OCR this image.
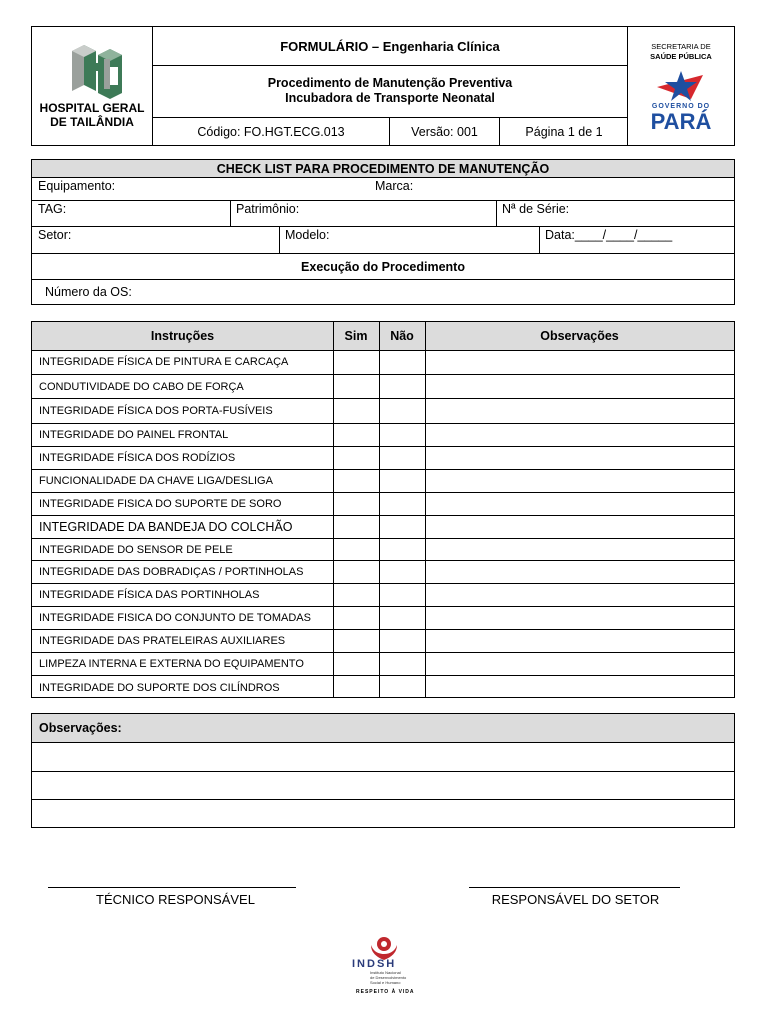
HOSPITAL GERAL
DE TAILÂNDIA
FORMULÁRIO – Engenharia Clínica
Procedimento de Manutenção Preventiva
Incubadora de Transporte Neonatal
Código: FO.HGT.ECG.013	Versão: 001	Página 1 de 1
SECRETARIA DE
SAÚDE PÚBLICA
GOVERNO DO
PARÁ
CHECK LIST PARA PROCEDIMENTO DE MANUTENÇÃO
Equipamento:	Marca:
TAG:	Patrimônio:	Nª de Série:
Setor:	Modelo:	Data:____/____/_____
Execução do Procedimento
Número da OS:
Instruções	Sim	Não	Observações
INTEGRIDADE FÍSICA DE PINTURA E CARCAÇA
CONDUTIVIDADE DO CABO DE FORÇA
INTEGRIDADE FÍSICA DOS PORTA-FUSÍVEIS
INTEGRIDADE DO PAINEL FRONTAL
INTEGRIDADE FÍSICA DOS RODÍZIOS
FUNCIONALIDADE DA CHAVE LIGA/DESLIGA
INTEGRIDADE FISICA DO SUPORTE DE SORO
INTEGRIDADE DA BANDEJA DO COLCHÃO
INTEGRIDADE DO SENSOR DE PELE
INTEGRIDADE DAS DOBRADIÇAS / PORTINHOLAS
INTEGRIDADE FÍSICA DAS PORTINHOLAS
INTEGRIDADE FISICA DO CONJUNTO DE TOMADAS
INTEGRIDADE DAS PRATELEIRAS AUXILIARES
LIMPEZA INTERNA E EXTERNA DO EQUIPAMENTO
INTEGRIDADE DO SUPORTE DOS CILÍNDROS
Observações:
TÉCNICO RESPONSÁVEL	RESPONSÁVEL DO SETOR
INDSH
Instituto Nacional
de Desenvolvimento
Social e Humano
RESPEITO À VIDA
